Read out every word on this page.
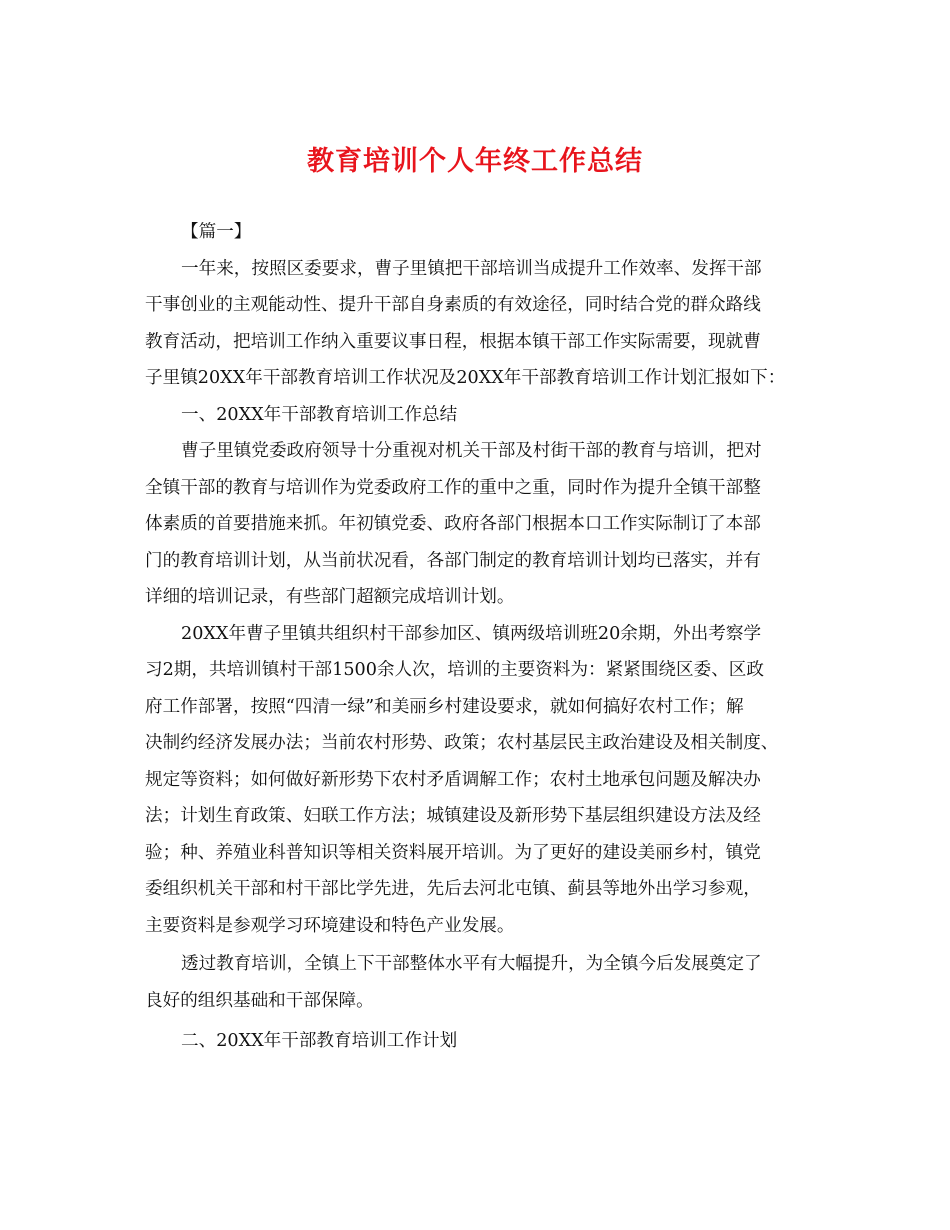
教育培训个人年终工作总结

【篇一】

一年来，按照区委要求，曹子里镇把干部培训当成提升工作效率、发挥干部
干事创业的主观能动性、提升干部自身素质的有效途径，同时结合党的群众路线
教育活动，把培训工作纳入重要议事日程，根据本镇干部工作实际需要，现就曹
子里镇20XX年干部教育培训工作状况及20XX年干部教育培训工作计划汇报如下：

一、20XX年干部教育培训工作总结

曹子里镇党委政府领导十分重视对机关干部及村街干部的教育与培训，把对
全镇干部的教育与培训作为党委政府工作的重中之重，同时作为提升全镇干部整
体素质的首要措施来抓。年初镇党委、政府各部门根据本口工作实际制订了本部
门的教育培训计划，从当前状况看，各部门制定的教育培训计划均已落实，并有
详细的培训记录，有些部门超额完成培训计划。

20XX年曹子里镇共组织村干部参加区、镇两级培训班20余期，外出考察学
习2期，共培训镇村干部1500余人次，培训的主要资料为：紧紧围绕区委、区政
府工作部署，按照“四清一绿”和美丽乡村建设要求，就如何搞好农村工作；解
决制约经济发展办法；当前农村形势、政策；农村基层民主政治建设及相关制度、
规定等资料；如何做好新形势下农村矛盾调解工作；农村土地承包问题及解决办
法；计划生育政策、妇联工作方法；城镇建设及新形势下基层组织建设方法及经
验；种、养殖业科普知识等相关资料展开培训。为了更好的建设美丽乡村，镇党
委组织机关干部和村干部比学先进，先后去河北屯镇、蓟县等地外出学习参观，
主要资料是参观学习环境建设和特色产业发展。

透过教育培训，全镇上下干部整体水平有大幅提升，为全镇今后发展奠定了
良好的组织基础和干部保障。

二、20XX年干部教育培训工作计划
